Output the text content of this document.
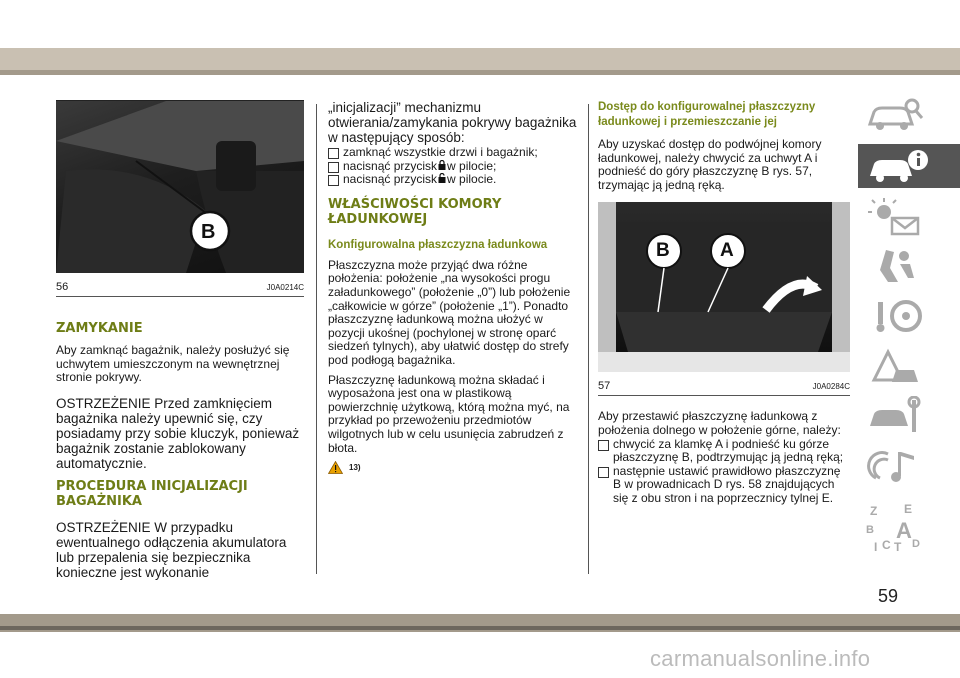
B
56	J0A0214C
ZAMYKANIE

Aby zamknąć bagażnik, należy posłużyć się uchwytem umieszczonym na wewnętrznej stronie pokrywy.

OSTRZEŻENIE Przed zamknięciem bagażnika należy upewnić się, czy posiadamy przy sobie kluczyk, ponieważ bagażnik zostanie zablokowany automatycznie.

PROCEDURA INICJALIZACJI BAGAŻNIKA

OSTRZEŻENIE W przypadku ewentualnego odłączenia akumulatora lub przepalenia się bezpiecznika konieczne jest wykonanie

„inicjalizacji” mechanizmu otwierania/zamykania pokrywy bagażnika w następujący sposób:

zamknąć wszystkie drzwi i bagażnik;
nacisnąć przycisk w pilocie;
nacisnąć przycisk w pilocie.
WŁAŚCIWOŚCI KOMORY ŁADUNKOWEJ
Konfigurowalna płaszczyzna ładunkowa

Płaszczyzna może przyjąć dwa różne położenia: położenie „na wysokości progu załadunkowego” (położenie „0”) lub położenie „całkowicie w górze” (położenie „1”). Ponadto płaszczyznę ładunkową można ułożyć w pozycji ukośnej (pochylonej w stronę oparć siedzeń tylnych), aby ułatwić dostęp do strefy pod podłogą bagażnika.

Płaszczyznę ładunkową można składać i wyposażona jest ona w plastikową powierzchnię użytkową, którą można myć, na przykład po przewożeniu przedmiotów wilgotnych lub w celu usunięcia zabrudzeń z błota.

13)
Dostęp do konfigurowalnej płaszczyzny ładunkowej i przemieszczanie jej

Aby uzyskać dostęp do podwójnej komory ładunkowej, należy chwycić za uchwyt A i podnieść do góry płaszczyznę B rys. 57, trzymając ją jedną ręką.

B	A
57	J0A0284C

Aby przestawić płaszczyznę ładunkową z położenia dolnego w położenie górne, należy:

chwycić za klamkę A i podnieść ku górze płaszczyznę B, podtrzymując ją jedną ręką;
następnie ustawić prawidłowo płaszczyznę B w prowadnicach D rys. 58 znajdujących się z obu stron i na poprzecznicy tylnej E.
Z E
B A
C T
I	D
59
carmanualsonline.info
